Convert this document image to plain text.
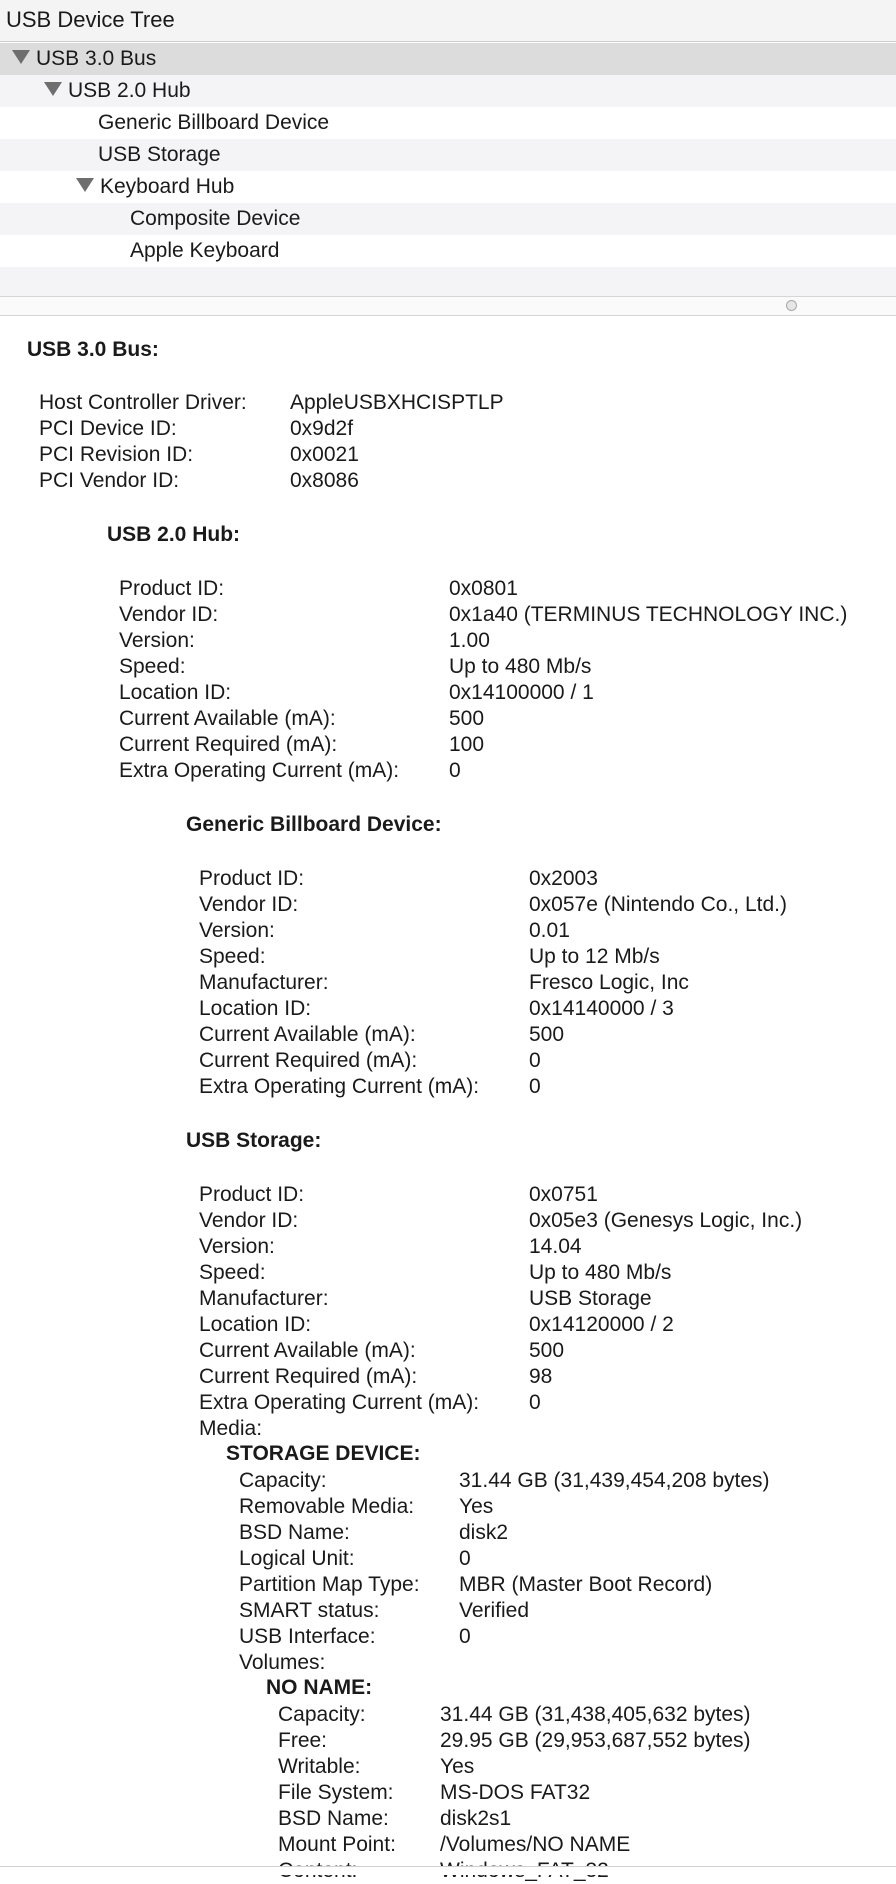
USB Device Tree
USB 3.0 Bus
USB 2.0 Hub
Generic Billboard Device
USB Storage
Keyboard Hub
Composite Device
Apple Keyboard
USB 3.0 Bus:
Host Controller Driver: AppleUSBXHCISPTLP
PCI Device ID:	0x9d2f
PCI Revision ID:	0x0021
PCI Vendor ID:	0x8086
USB 2.0 Hub:
Product ID:	0x0801
Vendor ID:	0x1a40 (TERMINUS TECHNOLOGY INC.)
Version:	1.00
Speed:	Up to 480 Mb/s
Location ID:	0x14100000 / 1
Current Available (mA):	500
Current Required (mA):	100
Extra Operating Current (mA): 0
Generic Billboard Device:
Product ID:	0x2003
Vendor ID:	0x057e (Nintendo Co., Ltd.)
Version:	0.01
Speed:	Up to 12 Mb/s
Manufacturer:	Fresco Logic, Inc
Location ID:	0x14140000 / 3
Current Available (mA):	500
Current Required (mA):	0
Extra Operating Current (mA): 0
USB Storage:
Product ID:	0x0751
Vendor ID:	0x05e3 (Genesys Logic, Inc.)
Version:	14.04
Speed:	Up to 480 Mb/s
Manufacturer:	USB Storage
Location ID:	0x14120000 / 2
Current Available (mA):	500
Current Required (mA):	98
Extra Operating Current (mA): 0
Media:
STORAGE DEVICE:
Capacity:	31.44 GB (31,439,454,208 bytes)
Removable Media: Yes
BSD Name:	disk2
Logical Unit:	0
Partition Map Type: MBR (Master Boot Record)
SMART status:	Verified
USB Interface:	0
Volumes:
NO NAME:
Capacity:	31.44 GB (31,438,405,632 bytes)
Free:	29.95 GB (29,953,687,552 bytes)
Writable:	Yes
File System: MS-DOS FAT32
BSD Name: disk2s1
Mount Point: /Volumes/NO NAME
